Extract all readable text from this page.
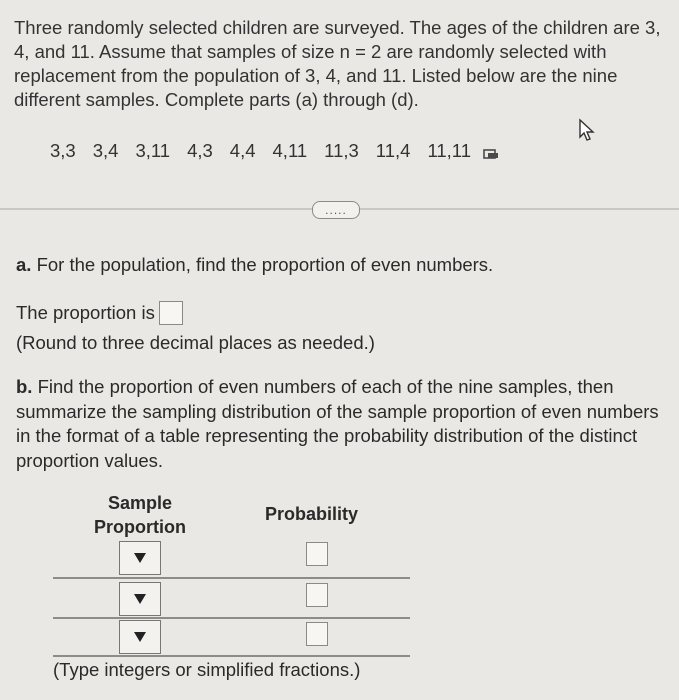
Three randomly selected children are surveyed. The ages of the children are 3, 4, and 11. Assume that samples of size n = 2 are randomly selected with replacement from the population of 3, 4, and 11. Listed below are the nine different samples. Complete parts (a) through (d).
3,3 3,4 3,11 4,3 4,4 4,11 11,3 11,4 11,11
.....
a. For the population, find the proportion of even numbers.
The proportion is
(Round to three decimal places as needed.)
b. Find the proportion of even numbers of each of the nine samples, then summarize the sampling distribution of the sample proportion of even numbers in the format of a table representing the probability distribution of the distinct proportion values.
Sample
Proportion
Probability
(Type integers or simplified fractions.)
